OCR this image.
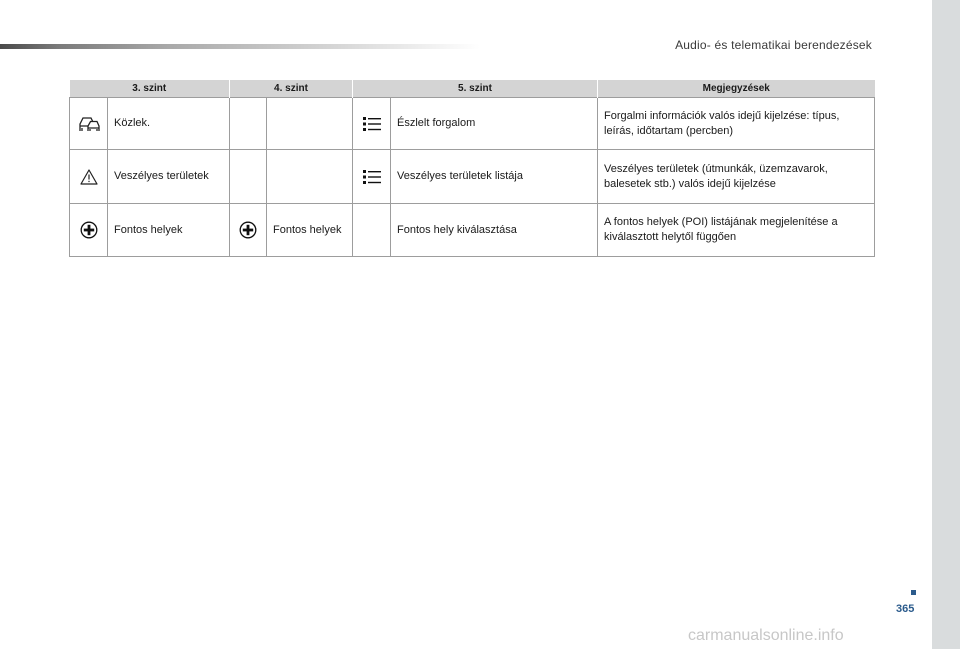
Audio- és telematikai berendezések
3. szint		4. szint		5. szint		Megjegyzések
	Közlek.				Észlelt forgalom	Forgalmi információk valós idejű kijelzése: típus, leírás, időtartam (percben)
	Veszélyes területek				Veszélyes területek listája	Veszélyes területek (útmunkák, üzemzavarok, balesetek stb.) valós idejű kijelzése
	Fontos helyek		Fontos helyek		Fontos hely kiválasztása	A fontos helyek (POI) listájának megjelenítése a kiválasztott helytől függően
365
carmanualsonline.info
